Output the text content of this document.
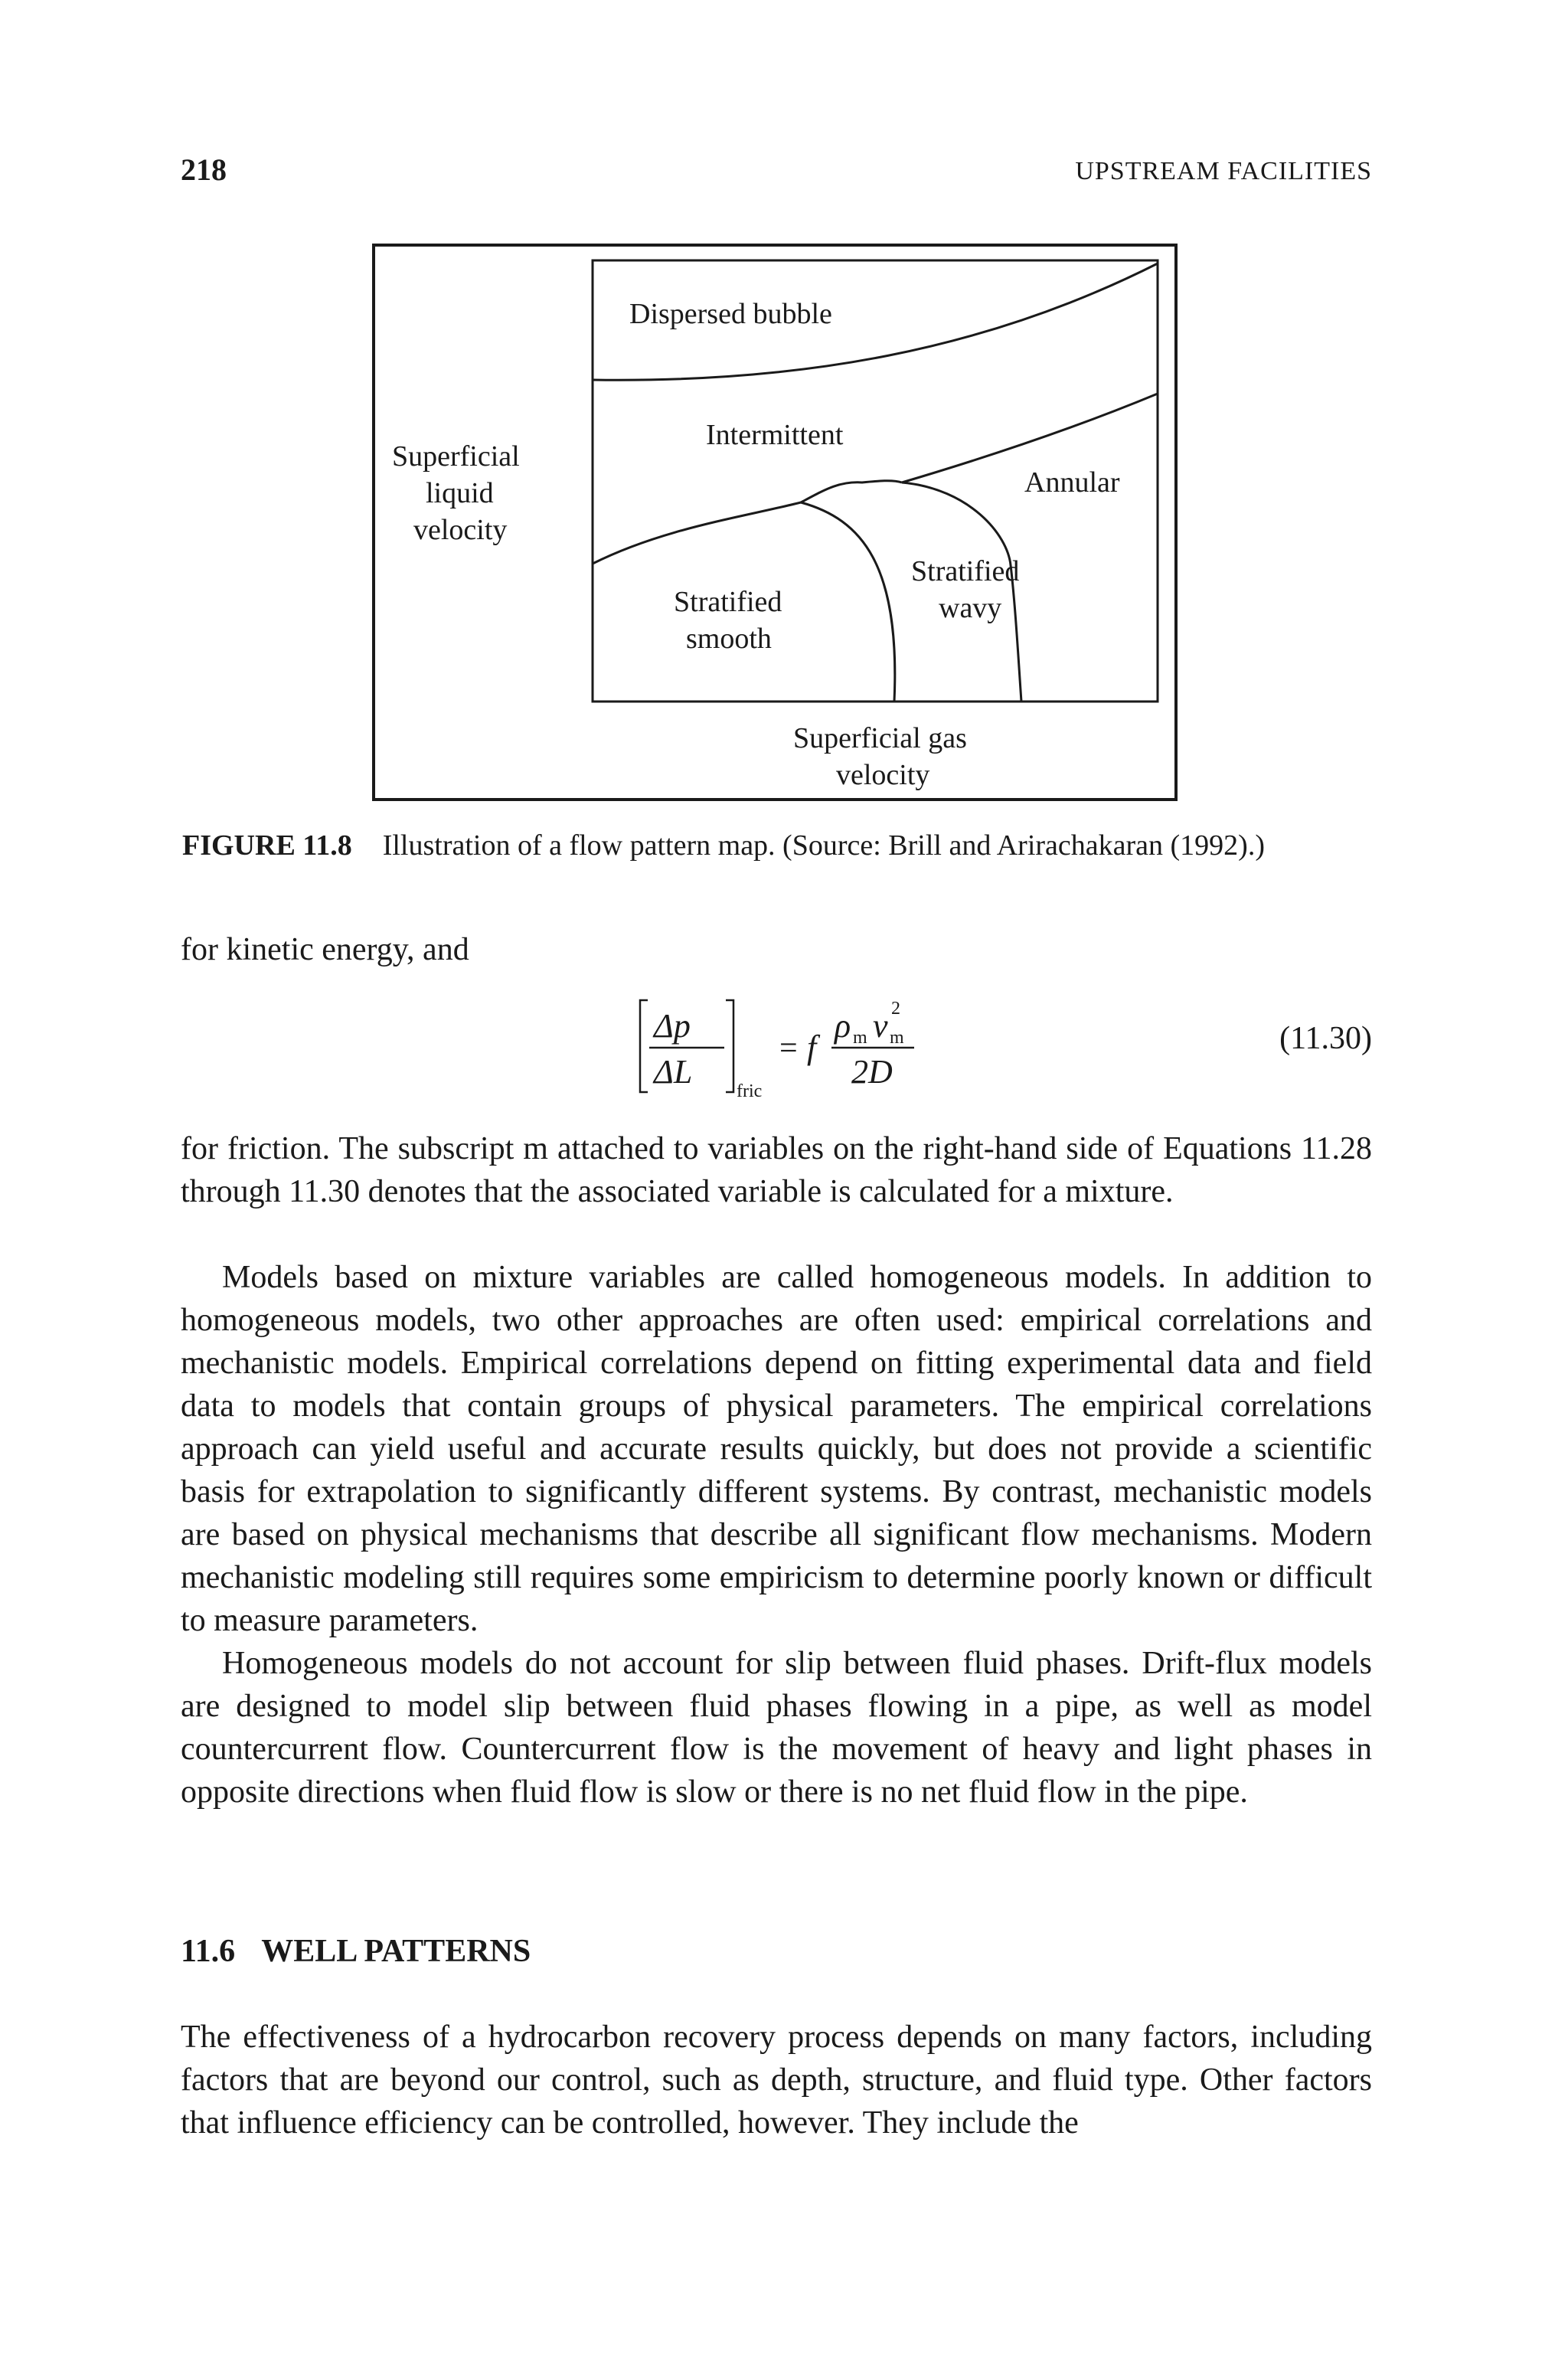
218	UPSTREAM FACILITIES
Dispersed bubble
Intermittent
Annular
Stratified
wavy
Stratified
smooth
Superficial
liquid
velocity
Superficial gas
velocity
FIGURE 11.8 Illustration of a flow pattern map. (Source: Brill and Arirachakaran (1992).)
for kinetic energy, and
Δp
ΔL
fric
= f
ρ m v m
2
2D
(11.30)
for friction. The subscript m attached to variables on the right-hand side of Equations 11.28 through 11.30 denotes that the associated variable is calculated for a mixture.
Models based on mixture variables are called homogeneous models. In addition to homogeneous models, two other approaches are often used: empirical correlations and mechanistic models. Empirical correlations depend on fitting experimental data and field data to models that contain groups of physical parameters. The empirical correlations approach can yield useful and accurate results quickly, but does not provide a scientific basis for extrapolation to significantly different systems. By contrast, mechanistic models are based on physical mechanisms that describe all significant flow mechanisms. Modern mechanistic modeling still requires some empiricism to determine poorly known or difficult to measure parameters.
Homogeneous models do not account for slip between fluid phases. Drift-flux models are designed to model slip between fluid phases flowing in a pipe, as well as model countercurrent flow. Countercurrent flow is the movement of heavy and light phases in opposite directions when fluid flow is slow or there is no net fluid flow in the pipe.
11.6 WELL PATTERNS
The effectiveness of a hydrocarbon recovery process depends on many factors, including factors that are beyond our control, such as depth, structure, and fluid type. Other factors that influence efficiency can be controlled, however. They include the
